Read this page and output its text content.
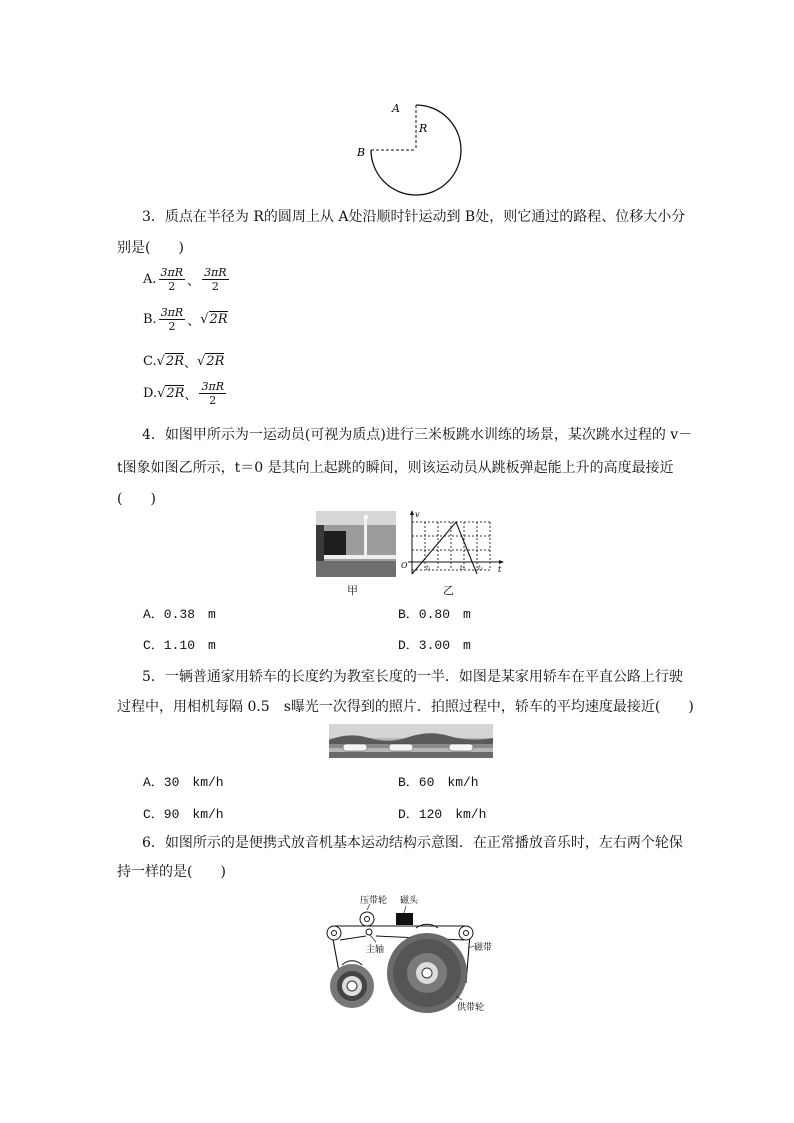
A
R
B
3．质点在半径为 R的圆周上从 A处沿顺时针运动到 B处，则它通过的路程、位移大小分
别是(　　)
A. $\frac{3\pi R}{2}$ 、 $\frac{3\pi R}{2}$
B. $\frac{3\pi R}{2}$ 、 √2R
C. √2R 、 √2R
D. √2R 、 $\frac{3\pi R}{2}$
4．如图甲所示为一运动员(可视为质点)进行三米板跳水训练的场景，某次跳水过程的 v－
t图象如图乙所示，t＝0 是其向上起跳的瞬间，则该运动员从跳板弹起能上升的高度最接近
(　　)
甲
v
O	t
t₁	t₂ t₃
乙
A．0.38　m	B．0.80　m
C．1.10　m	D．3.00　m
5．一辆普通家用轿车的长度约为教室长度的一半．如图是某家用轿车在平直公路上行驶
过程中，用相机每隔 0.5　s曝光一次得到的照片．拍照过程中，轿车的平均速度最接近(　　)
A．30　km/h	B．60　km/h
C．90　km/h	D．120　km/h
6．如图所示的是便携式放音机基本运动结构示意图．在正常播放音乐时，左右两个轮保
持一样的是(　　)
压带轮 磁头
主轴	磁带
供带轮
